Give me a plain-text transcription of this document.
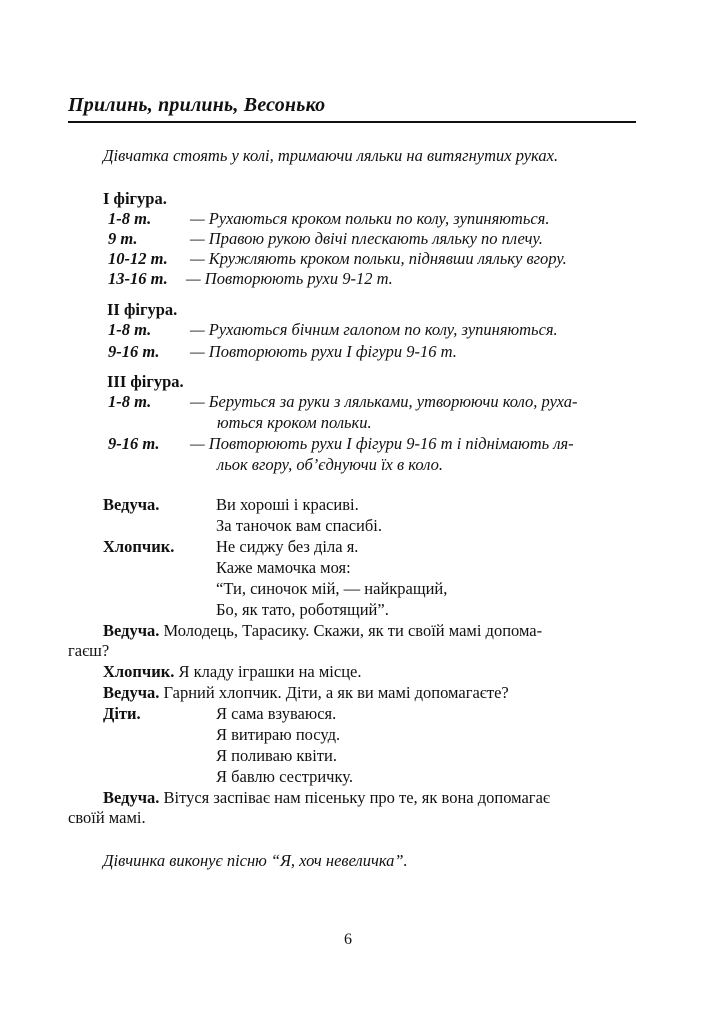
Прилинь, прилинь, Весонько
Дівчатка стоять у колі, тримаючи ляльки на витягнутих руках.
І фігура.
1-8 т. — Рухаються кроком польки по колу, зупиняються.
9 т.	— Правою рукою двічі плескають ляльку по плечу.
10-12 т. — Кружляють кроком польки, піднявши ляльку вгору.
13-16 т. — Повторюють рухи 9-12 т.
ІІ фігура.
1-8 т. — Рухаються бічним галопом по колу, зупиняються.
9-16 т. — Повторюють рухи І фігури 9-16 т.
ІІІ фігура.
1-8 т. — Беруться за руки з ляльками, утворюючи коло, руха-
ються кроком польки.
9-16 т. — Повторюють рухи І фігури 9-16 т і піднімають ля-
льок вгору, об’єднуючи їх в коло.
Ведуча.	Ви хороші і красиві.
За таночок вам спасибі.
Хлопчик.	Не сиджу без діла я.
Каже мамочка моя:
“Ти, синочок мій, — найкращий,
Бо, як тато, роботящий”.
Ведуча. Молодець, Тарасику. Скажи, як ти своїй мамі допома-
гаєш?
Хлопчик. Я кладу іграшки на місце.
Ведуча. Гарний хлопчик. Діти, а як ви мамі допомагаєте?
Діти.	Я сама взуваюся.
Я витираю посуд.
Я поливаю квіти.
Я бавлю сестричку.
Ведуча. Вітуся заспіває нам пісеньку про те, як вона допомагає
своїй мамі.
Дівчинка виконує пісню “Я, хоч невеличка”.
6
